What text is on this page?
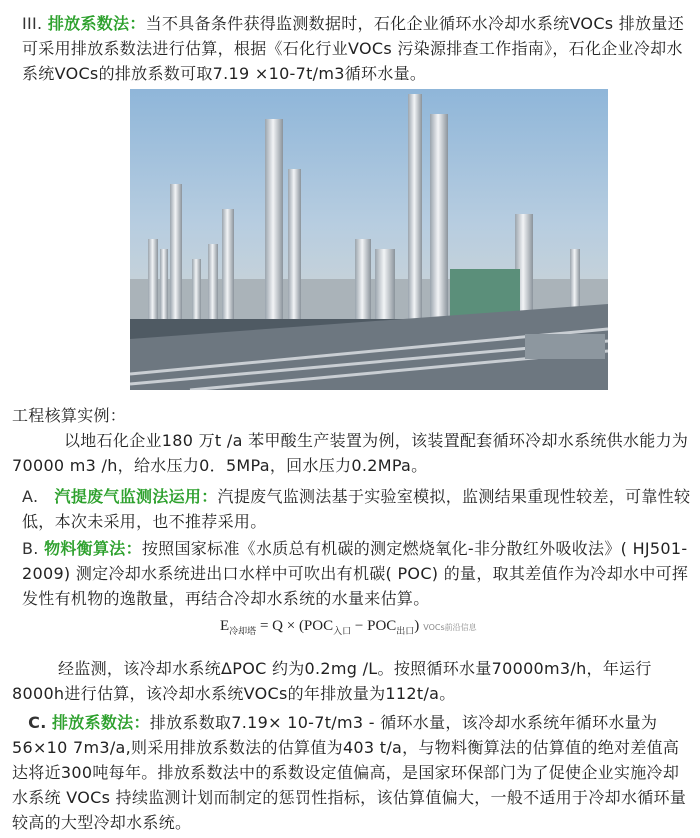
III. 排放系数法：当不具备条件获得监测数据时，石化企业循环水冷却水系统VOCs 排放量还可采用排放系数法进行估算，根据《石化行业VOCs 污染源排查工作指南》，石化企业冷却水系统VOCs的排放系数可取7.19 ×10-7t/m3循环水量。

工程核算实例：

以地石化企业180 万t /a 苯甲酸生产装置为例，该装置配套循环冷却水系统供水能力为70000 m3 /h，给水压力0．5MPa，回水压力0.2MPa。

A. 汽提废气监测法运用：汽提废气监测法基于实验室模拟，监测结果重现性较差，可靠性较低，本次未采用，也不推荐采用。

B. 物料衡算法：按照国家标准《水质总有机碳的测定燃烧氧化-非分散红外吸收法》( HJ501-2009) 测定冷却水系统进出口水样中可吹出有机碳( POC) 的量，取其差值作为冷却水中可挥发性有机物的逸散量，再结合冷却水系统的水量来估算。

$E_{冷却塔} = Q \times (POC_{入口} - POC_{出口})$ VOCs前沿信息

经监测，该冷却水系统ΔPOC 约为0.2mg /L。按照循环水量70000m3/h，年运行8000h进行估算，该冷却水系统VOCs的年排放量为112t/a。

C. 排放系数法：排放系数取7.19× 10-7t/m3 - 循环水量，该冷却水系统年循环水量为56×10 7m3/a,则采用排放系数法的估算值为403 t/a，与物料衡算法的估算值的绝对差值高达将近300吨每年。排放系数法中的系数设定值偏高，是国家环保部门为了促使企业实施冷却水系统 VOCs 持续监测计划而制定的惩罚性指标，该估算值偏大，一般不适用于冷却水循环量较高的大型冷却水系统。
